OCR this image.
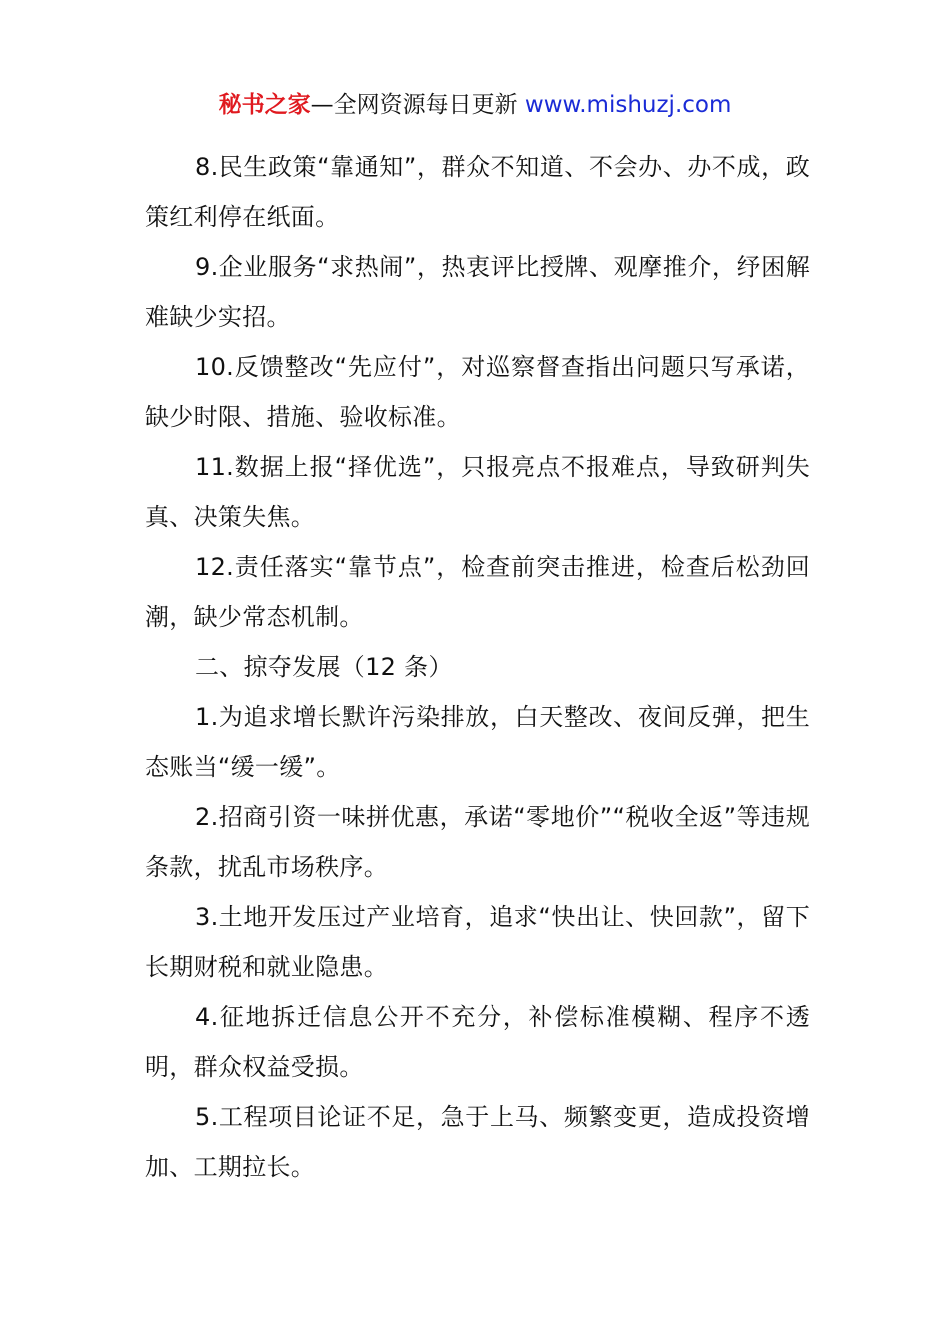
秘书之家—全网资源每日更新 www.mishuzj.com

8.民生政策“靠通知”，群众不知道、不会办、办不成，政策红利停在纸面。

9.企业服务“求热闹”，热衷评比授牌、观摩推介，纾困解难缺少实招。

10.反馈整改“先应付”，对巡察督查指出问题只写承诺，缺少时限、措施、验收标准。

11.数据上报“择优选”，只报亮点不报难点，导致研判失真、决策失焦。

12.责任落实“靠节点”，检查前突击推进，检查后松劲回潮，缺少常态机制。

二、掠夺发展（12 条）

1.为追求增长默许污染排放，白天整改、夜间反弹，把生态账当“缓一缓”。

2.招商引资一味拼优惠，承诺“零地价”“税收全返”等违规条款，扰乱市场秩序。

3.土地开发压过产业培育，追求“快出让、快回款”，留下长期财税和就业隐患。

4.征地拆迁信息公开不充分，补偿标准模糊、程序不透明，群众权益受损。

5.工程项目论证不足，急于上马、频繁变更，造成投资增加、工期拉长。
